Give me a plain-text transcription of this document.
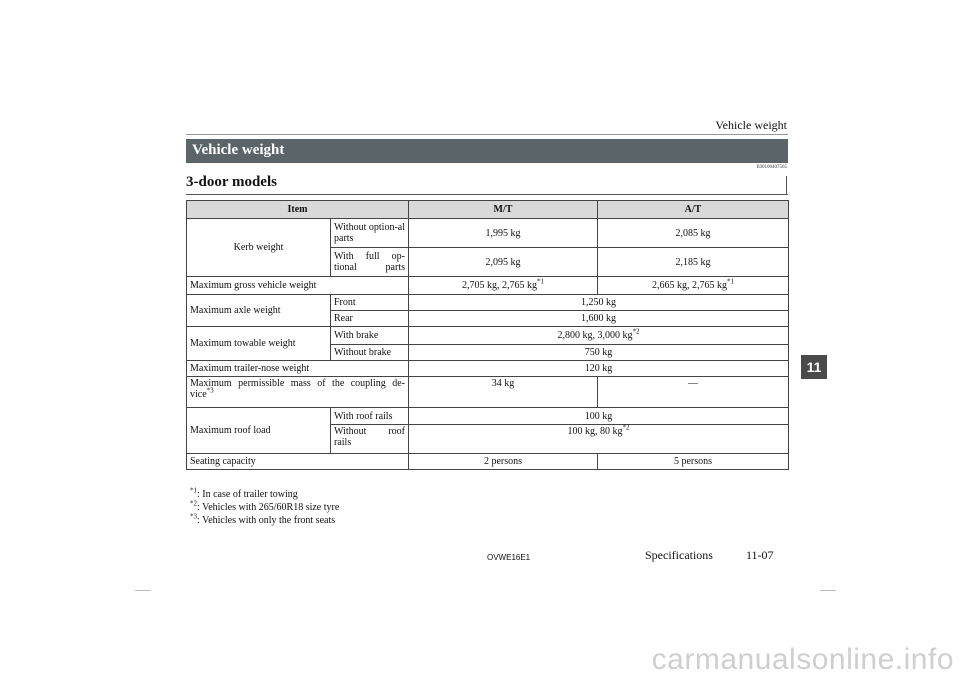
Vehicle weight
Vehicle weight
E00100407565
3-door models
Item		M/T	A/T
Kerb weight	Without option-al parts	1,995 kg	2,085 kg
	With full op-tional parts	2,095 kg	2,185 kg
Maximum gross vehicle weight		2,705 kg, 2,765 $kg^{*1}$	2,665 kg, 2,765 $kg^{*1}$
Maximum axle weight	Front	1,250 kg	
	Rear	1,600 kg	
Maximum towable weight	With brake	2,800 kg, 3,000 $kg^{*2}$
	Without brake	750 kg	
Maximum trailer-nose weight		120 kg	

Maximum permissible mass of the coupling de-
vice$^{*3}$		34 kg	—
Maximum roof load	With roof rails	100 kg	
	Without roof rails	100 kg, 80 $kg^{*2}$
Seating capacity		2 persons	5 persons
$^{*1}$: In case of trailer towing
$^{*2}$: Vehicles with 265/60R18 size tyre
$^{*3}$: Vehicles with only the front seats
11
OVWE16E1	Specifications	11-07
carmanualsonline.info
